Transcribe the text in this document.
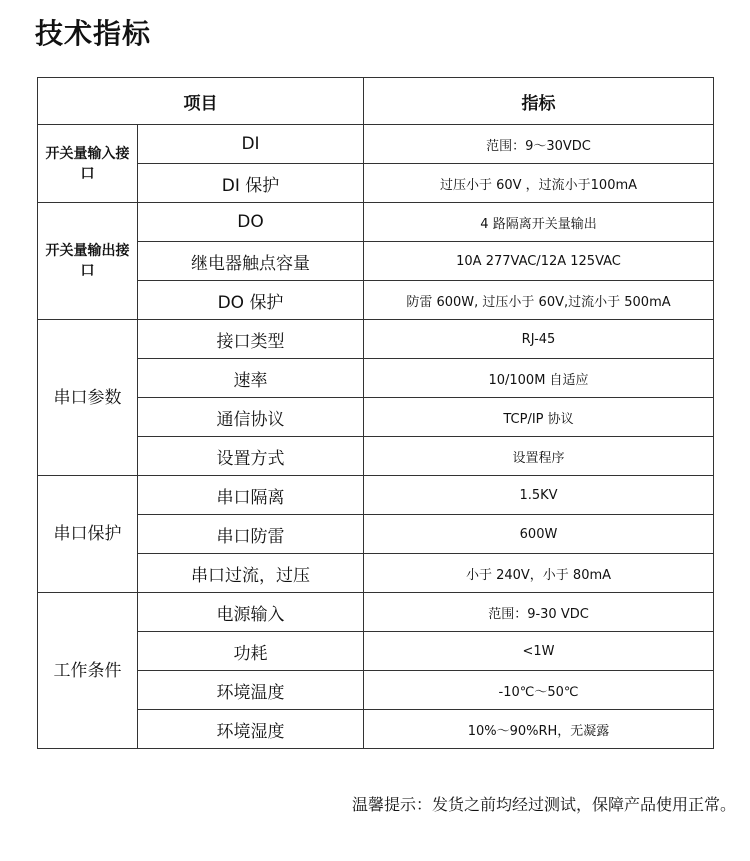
技术指标
项目		指标
开关量输入接口	DI	范围：9～30VDC
	DI 保护	过压小于 60V ，过流小于100mA
开关量输出接口	DO	4 路隔离开关量输出
	继电器触点容量	10A 277VAC/12A 125VAC
	DO 保护	防雷 600W, 过压小于 60V,过流小于 500mA
串口参数	接口类型	RJ-45
	速率	10/100M 自适应
	通信协议	TCP/IP 协议
	设置方式	设置程序
串口保护	串口隔离	1.5KV
	串口防雷	600W
	串口过流，过压	小于 240V，小于 80mA
工作条件	电源输入	范围：9-30 VDC
	功耗	<1W
	环境温度	-10℃～50℃
	环境湿度	10%～90%RH，无凝露

温馨提示：发货之前均经过测试，保障产品使用正常。
